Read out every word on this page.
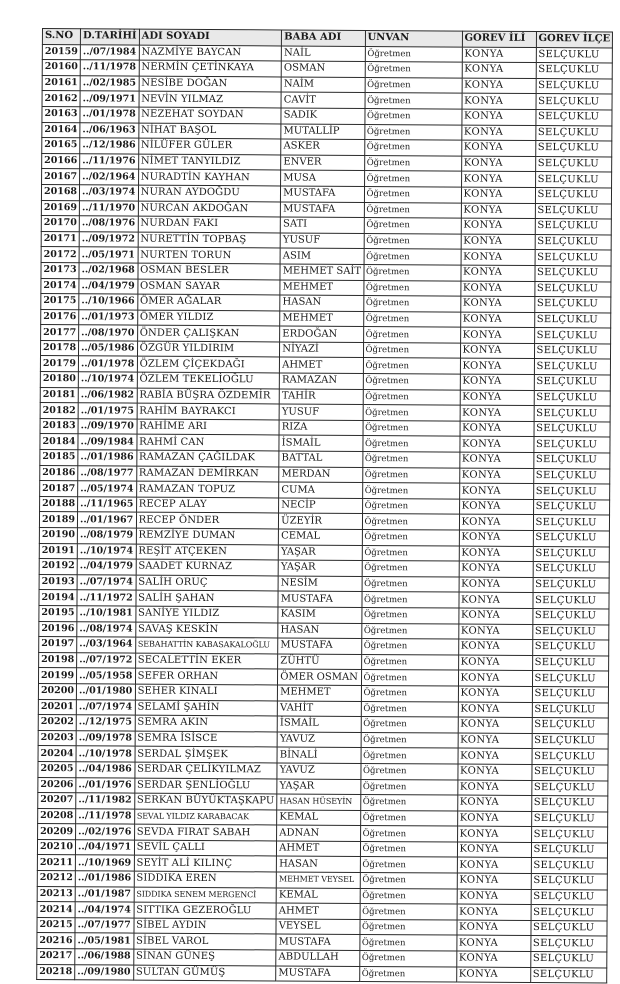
S.NO	D.TARİHİ	ADI SOYADI	BABA ADI	UNVAN	GOREV İLİ	GOREV İLÇE
20159	../07/1984	NAZMİYE BAYCAN	NAİL	Öğretmen	KONYA	SELÇUKLU
20160	../11/1978	NERMİN ÇETİNKAYA	OSMAN	Öğretmen	KONYA	SELÇUKLU
20161	../02/1985	NESİBE DOĞAN	NAİM	Öğretmen	KONYA	SELÇUKLU
20162	../09/1971	NEVİN YILMAZ	CAVİT	Öğretmen	KONYA	SELÇUKLU
20163	../01/1978	NEZEHAT SOYDAN	SADIK	Öğretmen	KONYA	SELÇUKLU
20164	../06/1963	NİHAT BAŞOL	MUTALLİP	Öğretmen	KONYA	SELÇUKLU
20165	../12/1986	NİLÜFER GÜLER	ASKER	Öğretmen	KONYA	SELÇUKLU
20166	../11/1976	NİMET TANYILDIZ	ENVER	Öğretmen	KONYA	SELÇUKLU
20167	../02/1964	NURADTİN KAYHAN	MUSA	Öğretmen	KONYA	SELÇUKLU
20168	../03/1974	NURAN AYDOĞDU	MUSTAFA	Öğretmen	KONYA	SELÇUKLU
20169	../11/1970	NURCAN AKDOĞAN	MUSTAFA	Öğretmen	KONYA	SELÇUKLU
20170	../08/1976	NURDAN FAKI	SATI	Öğretmen	KONYA	SELÇUKLU
20171	../09/1972	NURETTİN TOPBAŞ	YUSUF	Öğretmen	KONYA	SELÇUKLU
20172	../05/1971	NURTEN TORUN	ASIM	Öğretmen	KONYA	SELÇUKLU
20173	../02/1968	OSMAN BESLER	MEHMET SAİT	Öğretmen	KONYA	SELÇUKLU
20174	../04/1979	OSMAN SAYAR	MEHMET	Öğretmen	KONYA	SELÇUKLU
20175	../10/1966	ÖMER AĞALAR	HASAN	Öğretmen	KONYA	SELÇUKLU
20176	../01/1973	ÖMER YILDIZ	MEHMET	Öğretmen	KONYA	SELÇUKLU
20177	../08/1970	ÖNDER ÇALIŞKAN	ERDOĞAN	Öğretmen	KONYA	SELÇUKLU
20178	../05/1986	ÖZGÜR YILDIRIM	NİYAZİ	Öğretmen	KONYA	SELÇUKLU
20179	../01/1978	ÖZLEM ÇİÇEKDAĞI	AHMET	Öğretmen	KONYA	SELÇUKLU
20180	../10/1974	ÖZLEM TEKELİOĞLU	RAMAZAN	Öğretmen	KONYA	SELÇUKLU
20181	../06/1982	RABİA BÜŞRA ÖZDEMİR	TAHİR	Öğretmen	KONYA	SELÇUKLU
20182	../01/1975	RAHİM BAYRAKCI	YUSUF	Öğretmen	KONYA	SELÇUKLU
20183	../09/1970	RAHİME ARI	RIZA	Öğretmen	KONYA	SELÇUKLU
20184	../09/1984	RAHMİ CAN	İSMAİL	Öğretmen	KONYA	SELÇUKLU
20185	../01/1986	RAMAZAN ÇAĞILDAK	BATTAL	Öğretmen	KONYA	SELÇUKLU
20186	../08/1977	RAMAZAN DEMİRKAN	MERDAN	Öğretmen	KONYA	SELÇUKLU
20187	../05/1974	RAMAZAN TOPUZ	CUMA	Öğretmen	KONYA	SELÇUKLU
20188	../11/1965	RECEP ALAY	NECİP	Öğretmen	KONYA	SELÇUKLU
20189	../01/1967	RECEP ÖNDER	ÜZEYİR	Öğretmen	KONYA	SELÇUKLU
20190	../08/1979	REMZİYE DUMAN	CEMAL	Öğretmen	KONYA	SELÇUKLU
20191	../10/1974	REŞİT ATÇEKEN	YAŞAR	Öğretmen	KONYA	SELÇUKLU
20192	../04/1979	SAADET KURNAZ	YAŞAR	Öğretmen	KONYA	SELÇUKLU
20193	../07/1974	SALİH ORUÇ	NESİM	Öğretmen	KONYA	SELÇUKLU
20194	../11/1972	SALİH ŞAHAN	MUSTAFA	Öğretmen	KONYA	SELÇUKLU
20195	../10/1981	SANİYE YILDIZ	KASIM	Öğretmen	KONYA	SELÇUKLU
20196	../08/1974	SAVAŞ KESKİN	HASAN	Öğretmen	KONYA	SELÇUKLU
20197	../03/1964	SEBAHATTİN KABASAKALOĞLU	MUSTAFA	Öğretmen	KONYA	SELÇUKLU
20198	../07/1972	SECALETTİN EKER	ZÜHTÜ	Öğretmen	KONYA	SELÇUKLU
20199	../05/1958	SEFER ORHAN	ÖMER OSMAN	Öğretmen	KONYA	SELÇUKLU
20200	../01/1980	SEHER KINALI	MEHMET	Öğretmen	KONYA	SELÇUKLU
20201	../07/1974	SELAMİ ŞAHİN	VAHİT	Öğretmen	KONYA	SELÇUKLU
20202	../12/1975	SEMRA AKIN	İSMAİL	Öğretmen	KONYA	SELÇUKLU
20203	../09/1978	SEMRA İSİSCE	YAVUZ	Öğretmen	KONYA	SELÇUKLU
20204	../10/1978	SERDAL ŞİMŞEK	BİNALİ	Öğretmen	KONYA	SELÇUKLU
20205	../04/1986	SERDAR ÇELİKYILMAZ	YAVUZ	Öğretmen	KONYA	SELÇUKLU
20206	../01/1976	SERDAR ŞENLİOĞLU	YAŞAR	Öğretmen	KONYA	SELÇUKLU
20207	../11/1982	SERKAN BÜYÜKTAŞKAPU	HASAN HÜSEYİN	Öğretmen	KONYA	SELÇUKLU
20208	../11/1978	SEVAL YILDIZ KARABACAK	KEMAL	Öğretmen	KONYA	SELÇUKLU
20209	../02/1976	SEVDA FIRAT SABAH	ADNAN	Öğretmen	KONYA	SELÇUKLU
20210	../04/1971	SEVİL ÇALLI	AHMET	Öğretmen	KONYA	SELÇUKLU
20211	../10/1969	SEYİT ALİ KILINÇ	HASAN	Öğretmen	KONYA	SELÇUKLU
20212	../01/1986	SIDDIKA EREN	MEHMET VEYSEL	Öğretmen	KONYA	SELÇUKLU
20213	../01/1987	SIDDIKA SENEM MERGENCİ	KEMAL	Öğretmen	KONYA	SELÇUKLU
20214	../04/1974	SITTIKA GEZEROĞLU	AHMET	Öğretmen	KONYA	SELÇUKLU
20215	../07/1977	SİBEL AYDIN	VEYSEL	Öğretmen	KONYA	SELÇUKLU
20216	../05/1981	SİBEL VAROL	MUSTAFA	Öğretmen	KONYA	SELÇUKLU
20217	../06/1988	SİNAN GÜNEŞ	ABDULLAH	Öğretmen	KONYA	SELÇUKLU
20218	../09/1980	SULTAN GÜMÜŞ	MUSTAFA	Öğretmen	KONYA	SELÇUKLU
